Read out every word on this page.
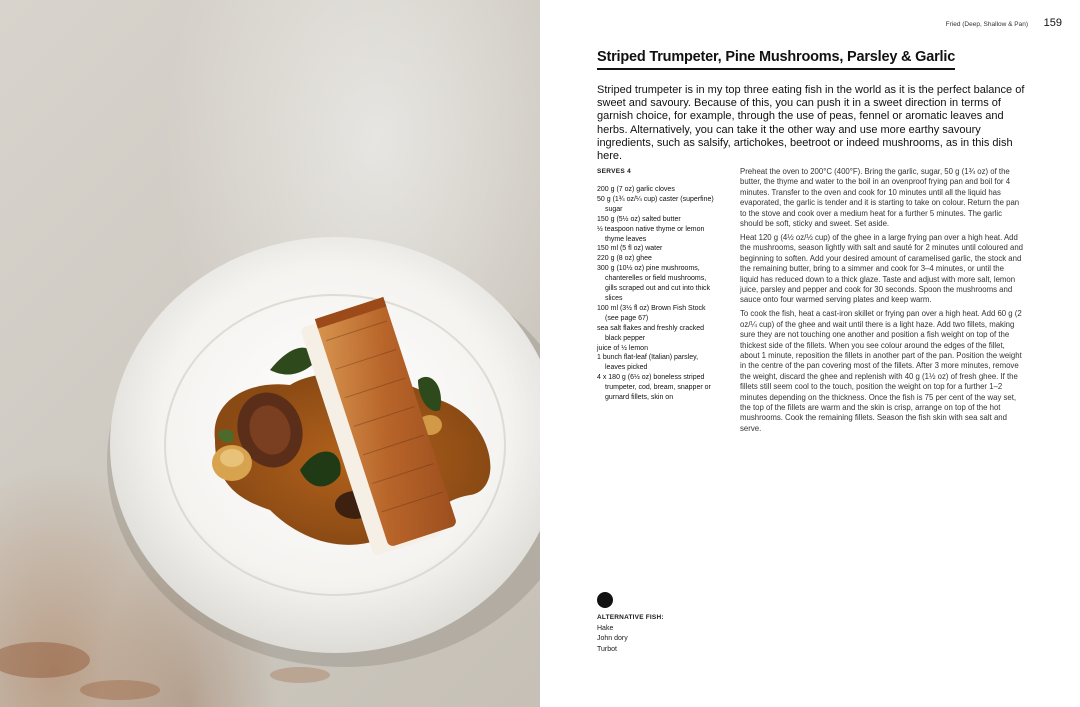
Fried (Deep, Shallow & Pan) 159
Striped Trumpeter, Pine Mushrooms, Parsley & Garlic

Striped trumpeter is in my top three eating fish in the world as it is the perfect balance of sweet and savoury. Because of this, you can push it in a sweet direction in terms of garnish choice, for example, through the use of peas, fennel or aromatic leaves and herbs. Alternatively, you can take it the other way and use more earthy savoury ingredients, such as salsify, artichokes, beetroot or indeed mushrooms, as in this dish here.

SERVES 4
200 g (7 oz) garlic cloves
50 g (1¾ oz/¼ cup) caster (superfine) sugar
150 g (5½ oz) salted butter
½ teaspoon native thyme or lemon thyme leaves
150 ml (5 fl oz) water
220 g (8 oz) ghee
300 g (10½ oz) pine mushrooms, chanterelles or field mushrooms, gills scraped out and cut into thick slices
100 ml (3½ fl oz) Brown Fish Stock (see page 67)
sea salt flakes and freshly cracked black pepper
juice of ½ lemon
1 bunch flat-leaf (Italian) parsley, leaves picked
4 x 180 g (6½ oz) boneless striped trumpeter, cod, bream, snapper or gurnard fillets, skin on

Preheat the oven to 200°C (400°F). Bring the garlic, sugar, 50 g (1¾ oz) of the butter, the thyme and water to the boil in an ovenproof frying pan and boil for 4 minutes. Transfer to the oven and cook for 10 minutes until all the liquid has evaporated, the garlic is tender and it is starting to take on colour. Return the pan to the stove and cook over a medium heat for a further 5 minutes. The garlic should be soft, sticky and sweet. Set aside.

Heat 120 g (4½ oz/½ cup) of the ghee in a large frying pan over a high heat. Add the mushrooms, season lightly with salt and sauté for 2 minutes until coloured and beginning to soften. Add your desired amount of caramelised garlic, the stock and the remaining butter, bring to a simmer and cook for 3–4 minutes, or until the liquid has reduced down to a thick glaze. Taste and adjust with more salt, lemon juice, parsley and pepper and cook for 30 seconds. Spoon the mushrooms and sauce onto four warmed serving plates and keep warm.

To cook the fish, heat a cast-iron skillet or frying pan over a high heat. Add 60 g (2 oz/¼ cup) of the ghee and wait until there is a light haze. Add two fillets, making sure they are not touching one another and position a fish weight on top of the thickest side of the fillets. When you see colour around the edges of the fillet, about 1 minute, reposition the fillets in another part of the pan. Position the weight in the centre of the pan covering most of the fillets. After 3 more minutes, remove the weight, discard the ghee and replenish with 40 g (1½ oz) of fresh ghee. If the fillets still seem cool to the touch, position the weight on top for a further 1–2 minutes depending on the thickness. Once the fish is 75 per cent of the way set, the top of the fillets are warm and the skin is crisp, arrange on top of the hot mushrooms. Cook the remaining fillets. Season the fish skin with sea salt and serve.

ALTERNATIVE FISH:
Hake
John dory
Turbot
